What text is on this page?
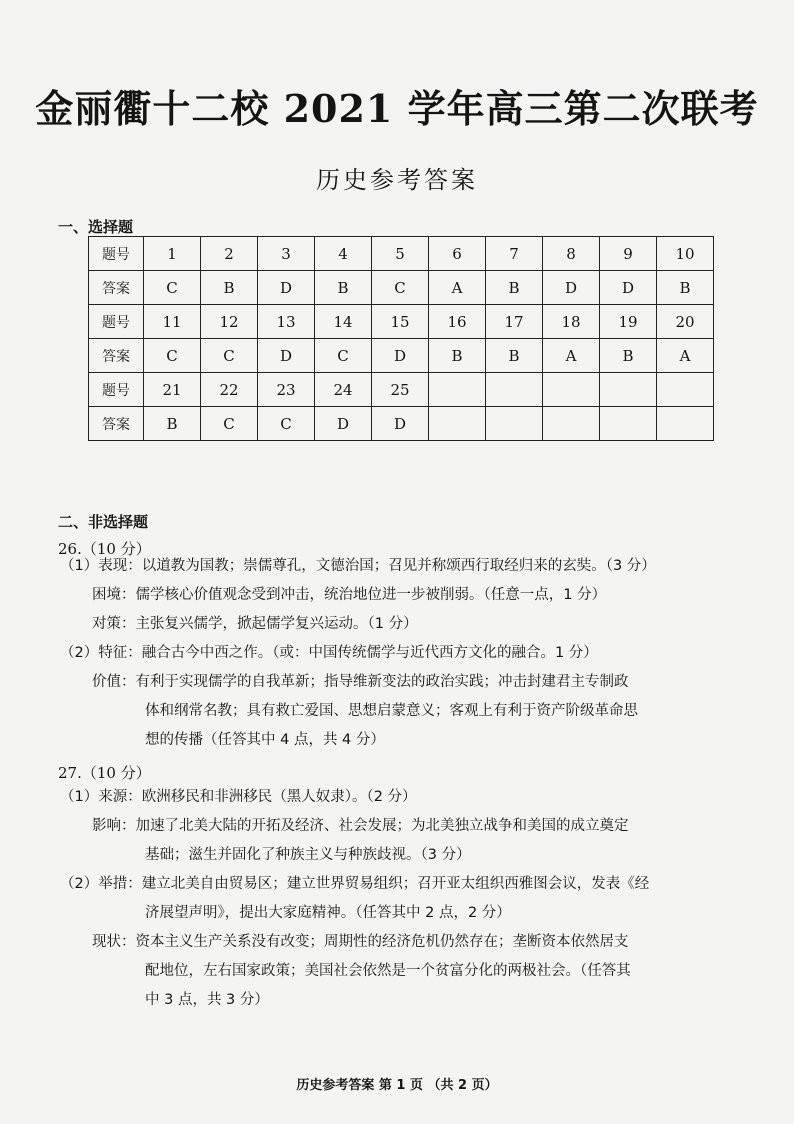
金丽衢十二校 2021 学年高三第二次联考
历史参考答案
一、选择题
题号	1	2	3	4	5	6	7	8	9	10
答案	C	B	D	B	C	A	B	D	D	B
题号	11	12	13	14	15	16	17	18	19	20
答案	C	C	D	C	D	B	B	A	B	A
题号	21	22	23	24	25					
答案	B	C	C	D	D					
二、非选择题
26.（10 分）
（1）表现：以道教为国教；崇儒尊孔，文德治国；召见并称颂西行取经归来的玄奘。（3 分）
困境：儒学核心价值观念受到冲击，统治地位进一步被削弱。（任意一点，1 分）
对策：主张复兴儒学，掀起儒学复兴运动。（1 分）
（2）特征：融合古今中西之作。（或：中国传统儒学与近代西方文化的融合。1 分）
价值：有利于实现儒学的自我革新；指导维新变法的政治实践；冲击封建君主专制政
体和纲常名教；具有救亡爱国、思想启蒙意义；客观上有利于资产阶级革命思
想的传播（任答其中 4 点，共 4 分）
27.（10 分）
（1）来源：欧洲移民和非洲移民（黑人奴隶）。（2 分）
影响：加速了北美大陆的开拓及经济、社会发展；为北美独立战争和美国的成立奠定
基础；滋生并固化了种族主义与种族歧视。（3 分）
（2）举措：建立北美自由贸易区；建立世界贸易组织；召开亚太组织西雅图会议，发表《经
济展望声明》，提出大家庭精神。（任答其中 2 点，2 分）
现状：资本主义生产关系没有改变；周期性的经济危机仍然存在；垄断资本依然居支
配地位，左右国家政策；美国社会依然是一个贫富分化的两极社会。（任答其
中 3 点，共 3 分）
历史参考答案 第 1 页 （共 2 页）
